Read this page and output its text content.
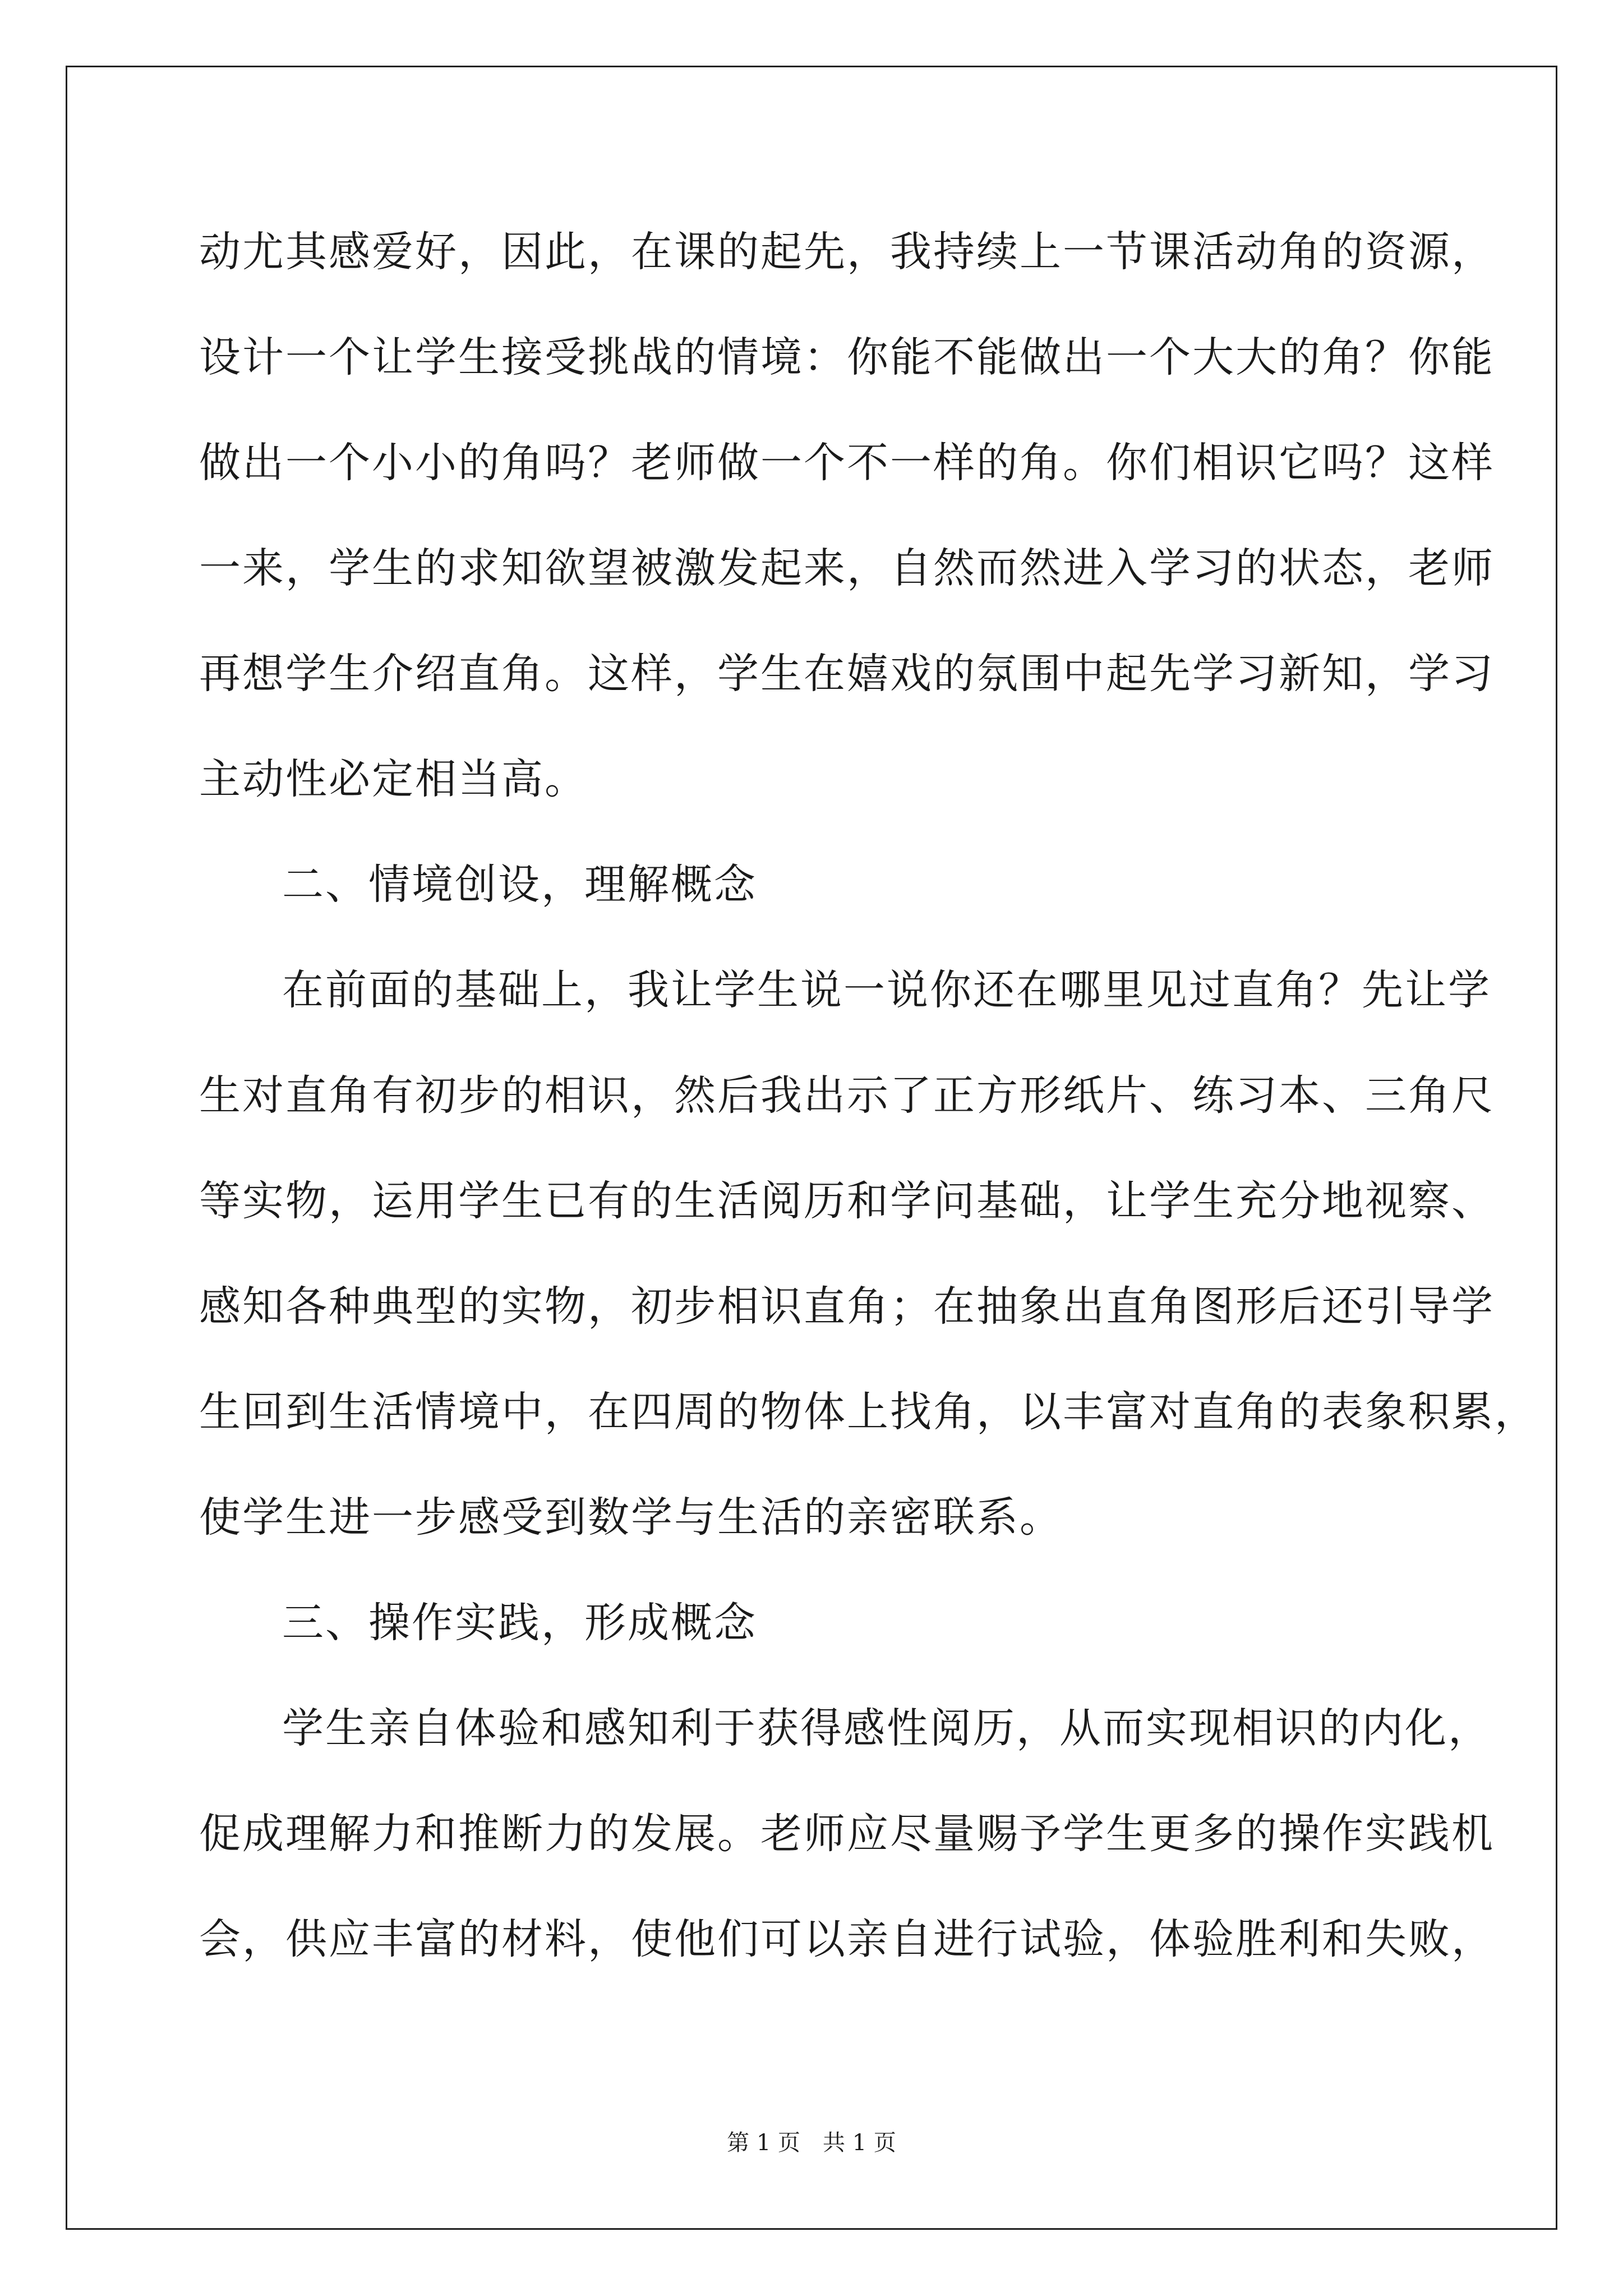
动尤其感爱好，因此，在课的起先，我持续上一节课活动角的资源，
设计一个让学生接受挑战的情境：你能不能做出一个大大的角？你能
做出一个小小的角吗？老师做一个不一样的角。你们相识它吗？这样
一来，学生的求知欲望被激发起来，自然而然进入学习的状态，老师
再想学生介绍直角。这样，学生在嬉戏的氛围中起先学习新知，学习
主动性必定相当高。
二、情境创设，理解概念
在前面的基础上，我让学生说一说你还在哪里见过直角？先让学
生对直角有初步的相识，然后我出示了正方形纸片、练习本、三角尺
等实物，运用学生已有的生活阅历和学问基础，让学生充分地视察、
感知各种典型的实物，初步相识直角；在抽象出直角图形后还引导学
生回到生活情境中，在四周的物体上找角，以丰富对直角的表象积累，
使学生进一步感受到数学与生活的亲密联系。
三、操作实践，形成概念
学生亲自体验和感知利于获得感性阅历，从而实现相识的内化，
促成理解力和推断力的发展。老师应尽量赐予学生更多的操作实践机
会，供应丰富的材料，使他们可以亲自进行试验，体验胜利和失败，
第 1 页　共 1 页
